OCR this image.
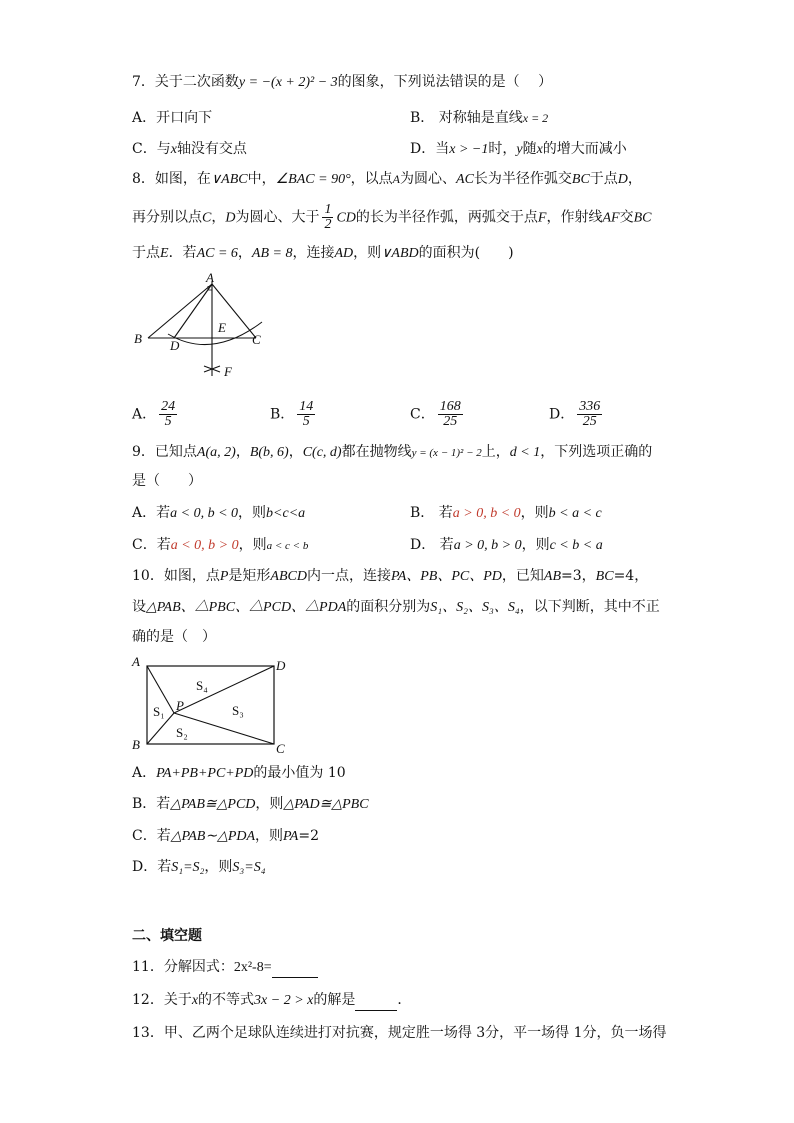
7．关于二次函数y = −(x + 2)² − 3的图象，下列说法错误的是（　 ）
A．开口向下	B． 对称轴是直线x = 2
C．与x轴没有交点	D．当x > −1时，y随x的增大而减小
8．如图，在∨ABC中，∠BAC = 90°，以点A为圆心、AC长为半径作弧交BC于点D，
再分别以点C，D为圆心、大于 $\frac{1}{2}$ CD的长为半径作弧，两弧交于点F，作射线AF交BC
于点E．若AC = 6，AB = 8，连接AD，则∨ABD的面积为(　　)
A
B	C
D
E
F
A． $\frac{24}{5}$	B． $\frac{14}{5}$	C． $\frac{168}{25}$	D． $\frac{336}{25}$
9．已知点A(a, 2)，B(b, 6)，C(c, d)都在抛物线y = (x − 1)² − 2上，d < 1，下列选项正确的
是（　　）
A．若a < 0, b < 0，则b<c<a	B． 若a > 0, b < 0，则b < a < c
C．若a < 0, b > 0，则a < c < b	D． 若a > 0, b > 0，则c < b < a
10．如图，点P是矩形ABCD内一点，连接PA、PB、PC、PD，已知AB=3，BC=4，
设△PAB、△PBC、△PCD、△PDA的面积分别为S₁、S₂、S₃、S₄，以下判断，其中不正
确的是（　）
A
B	C
D
P
S₁
S₂
S₃
S₄
A．PA+PB+PC+PD的最小值为 10
B．若△PAB≅△PCD，则△PAD≅△PBC
C．若△PAB∼△PDA，则PA=2
D．若S₁=S₂，则S₃=S₄
二、填空题
11．分解因式：2x²-8=
12．关于x的不等式3x − 2 > x的解是	．
13．甲、乙两个足球队连续进打对抗赛，规定胜一场得 3分，平一场得 1分，负一场得
